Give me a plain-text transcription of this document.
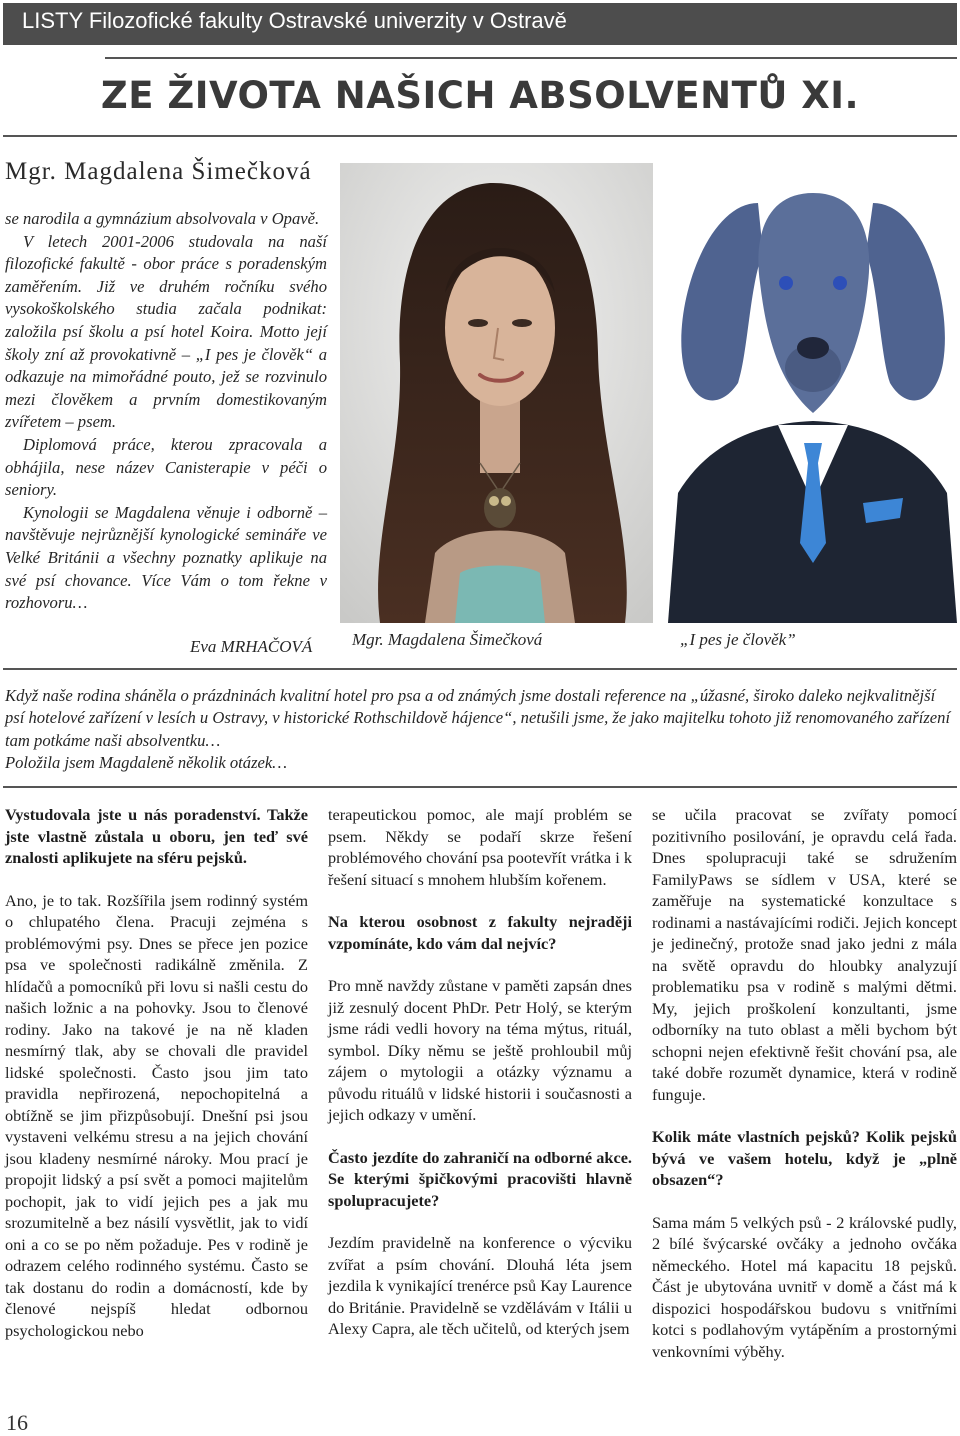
LISTY Filozofické fakulty Ostravské univerzity v Ostravě
ZE ŽIVOTA NAŠICH ABSOLVENTŮ XI.
Mgr. Magdalena Šimečková

se narodila a gymnázium absolvovala v Opavě.

V letech 2001-2006 studovala na naší filozofické fakultě - obor práce s poradenským zaměřením. Již ve druhém ročníku svého vysokoškolského studia začala podnikat: založila psí školu a psí hotel Koira. Motto její školy zní až provokativně – „I pes je člověk“ a odkazuje na mimořádné pouto, jež se rozvinulo mezi člověkem a prvním domestikovaným zvířetem – psem.

Diplomová práce, kterou zpracovala a obhájila, nese název Canisterapie v péči o seniory.

Kynologii se Magdalena věnuje i odborně – navštěvuje nejrůznější kynologické semináře ve Velké Británii a všechny poznatky aplikuje na své psí chovance. Více Vám o tom řekne v rozhovoru…

Eva MRHAČOVÁ Mgr. Magdalena Šimečková	„I pes je člověk”

Když naše rodina sháněla o prázdninách kvalitní hotel pro psa a od známých jsme dostali reference na „úžasné, široko daleko nejkvalitnější psí hotelové zařízení v lesích u Ostravy, v historické Rothschildově hájence“, netušili jsme, že jako majitelku tohoto již renomovaného zařízení tam potkáme naši absolventku…

Položila jsem Magdaleně několik otázek…

Vystudovala jste u nás poradenství. Takže jste vlastně zůstala u oboru, jen teď své znalosti aplikujete na sféru pejsků.

Ano, je to tak. Rozšířila jsem rodinný systém o chlupatého člena. Pracuji zejména s problémovými psy. Dnes se přece jen pozice psa ve společnosti radikálně změnila. Z hlídačů a pomocníků při lovu si našli cestu do našich ložnic a na pohovky. Jsou to členové rodiny. Jako na takové je na ně kladen nesmírný tlak, aby se chovali dle pravidel lidské společnosti. Často jsou jim tato pravidla nepřirozená, nepochopitelná a obtížně se jim přizpůsobují. Dnešní psi jsou vystaveni velkému stresu a na jejich chování jsou kladeny nesmírné nároky. Mou prací je propojit lidský a psí svět a pomoci majitelům pochopit, jak to vidí jejich pes a jak mu srozumitelně a bez násilí vysvětlit, jak to vidí oni a co se po něm požaduje. Pes v rodině je odrazem celého rodinného systému. Často se tak dostanu do rodin a domácností, kde by členové nejspíš hledat odbornou psychologickou nebo

terapeutickou pomoc, ale mají problém se psem. Někdy se podaří skrze řešení problémového chování psa pootevřít vrátka i k řešení situací s mnohem hlubším kořenem.

Na kterou osobnost z fakulty nejraději vzpomínáte, kdo vám dal nejvíc?

Pro mně navždy zůstane v paměti zapsán dnes již zesnulý docent PhDr. Petr Holý, se kterým jsme rádi vedli hovory na téma mýtus, rituál, symbol. Díky němu se ještě prohloubil můj zájem o mytologii a otázky významu a původu rituálů v lidské historii i současnosti a jejich odkazy v umění.

Často jezdíte do zahraničí na odborné akce. Se kterými špičkovými pracovišti hlavně spolupracujete?

Jezdím pravidelně na konference o výcviku zvířat a psím chování. Dlouhá léta jsem jezdila k vynikající trenérce psů Kay Laurence do Británie. Pravidelně se vzdělávám v Itálii u Alexy Capra, ale těch učitelů, od kterých jsem

se učila pracovat se zvířaty pomocí pozitivního posilování, je opravdu celá řada. Dnes spolupracuji také se sdružením FamilyPaws se sídlem v USA, které se zaměřuje na systematické konzultace s rodinami a nastávajícími rodiči. Jejich koncept je jedinečný, protože snad jako jedni z mála na světě opravdu do hloubky analyzují problematiku psa v rodině s malými dětmi. My, jejich proškolení konzultanti, jsme odborníky na tuto oblast a měli bychom být schopni nejen efektivně řešit chování psa, ale také dobře rozumět dynamice, která v rodině funguje.

Kolik máte vlastních pejsků? Kolik pejsků bývá ve vašem hotelu, když je „plně obsazen“?

Sama mám 5 velkých psů - 2 královské pudly, 2 bílé švýcarské ovčáky a jednoho ovčáka německého. Hotel má kapacitu 18 pejsků. Část je ubytována uvnitř v domě a část má k dispozici hospodářskou budovu s vnitřními kotci s podlahovým vytápěním a prostornými venkovními výběhy.

16
